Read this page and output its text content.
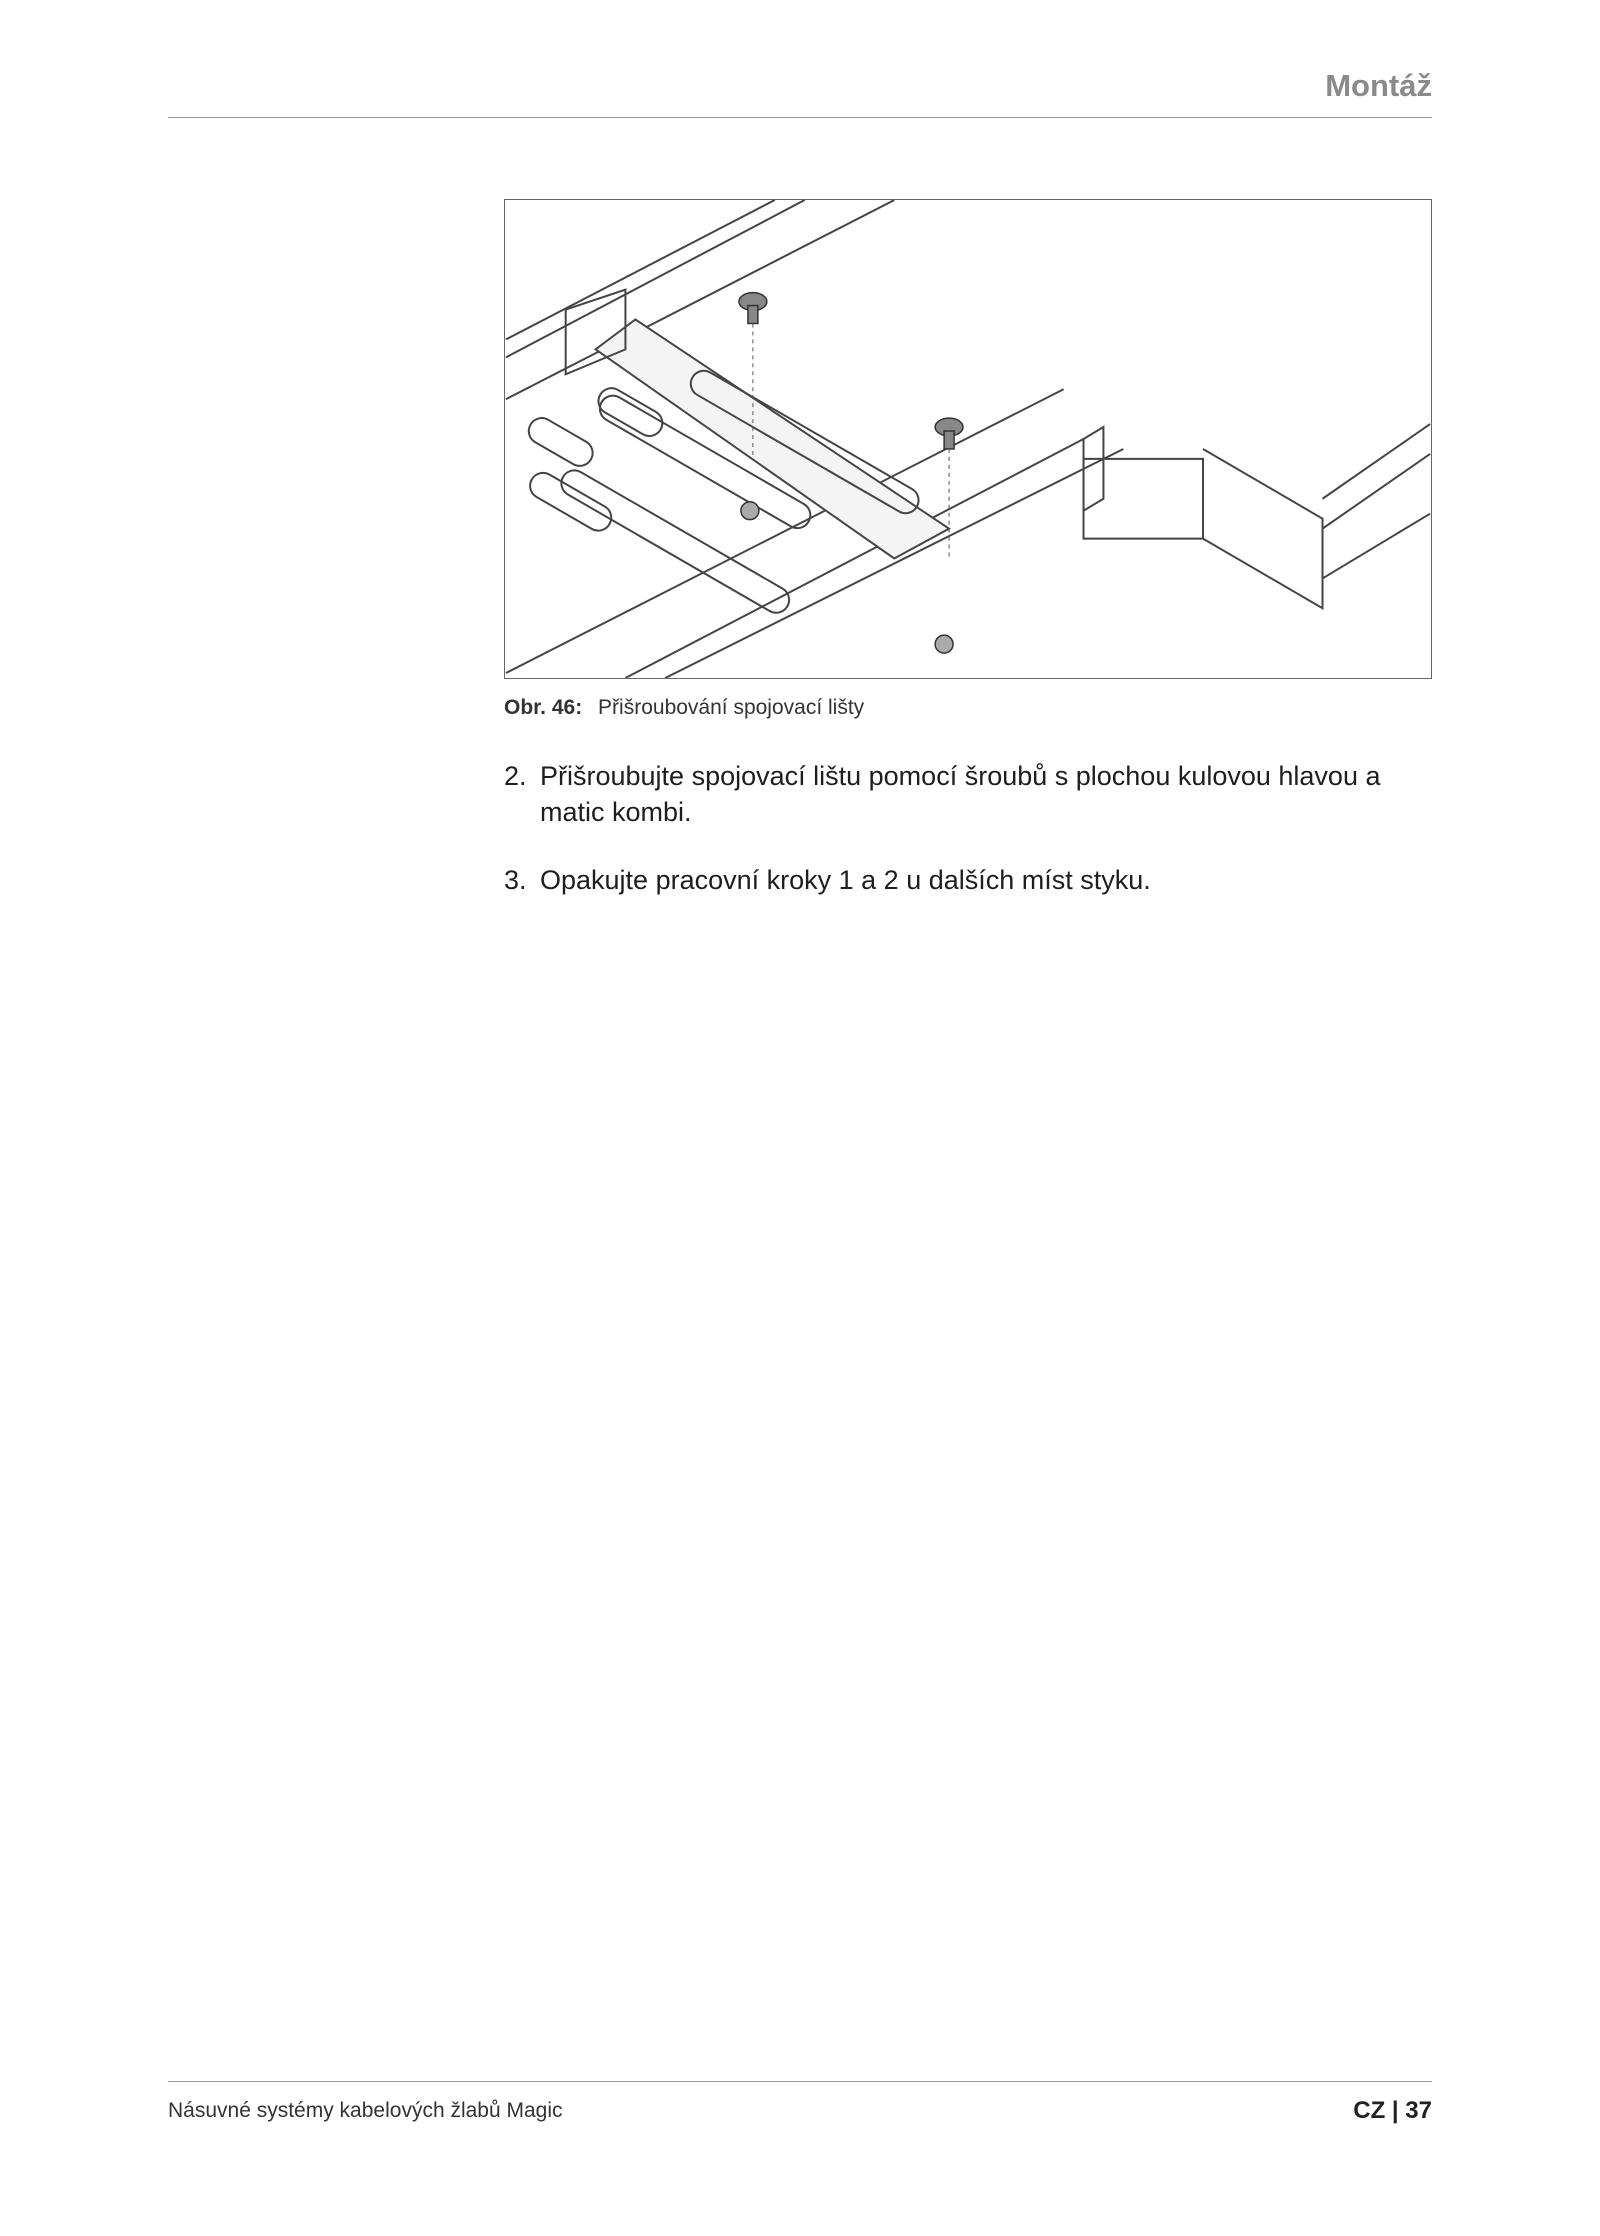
Montáž
Obr. 46: Přišroubování spojovací lišty
2. Přišroubujte spojovací lištu pomocí šroubů s plochou kulovou hlavou a matic kombi.
3. Opakujte pracovní kroky 1 a 2 u dalších míst styku.
Násuvné systémy kabelových žlabů Magic	CZ | 37
